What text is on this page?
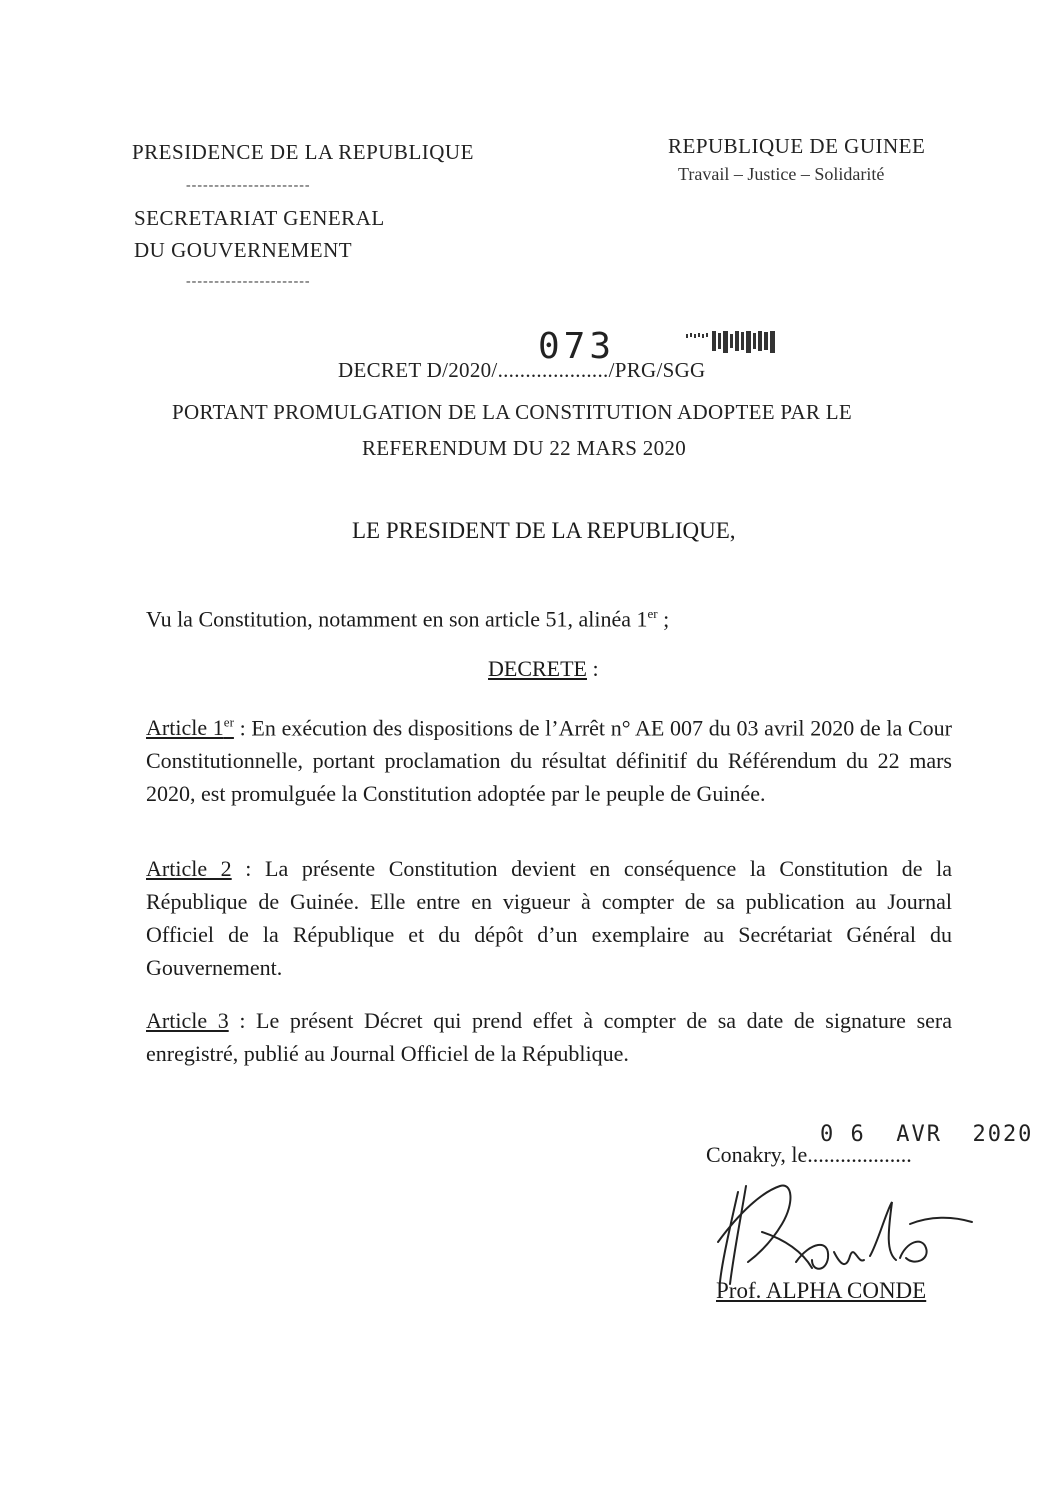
PRESIDENCE DE LA REPUBLIQUE
----------------------
SECRETARIAT GENERAL
DU GOUVERNEMENT
----------------------
REPUBLIQUE DE GUINEE
Travail – Justice – Solidarité
DECRET D/2020/..................../PRG/SGG
073
PORTANT PROMULGATION DE LA CONSTITUTION ADOPTEE PAR LE
REFERENDUM DU 22 MARS 2020
LE PRESIDENT DE LA REPUBLIQUE,
Vu la Constitution, notamment en son article 51, alinéa 1er ;
DECRETE :
Article 1er : En exécution des dispositions de l’Arrêt n° AE 007 du 03 avril 2020 de la Cour Constitutionnelle, portant proclamation du résultat définitif du Référendum du 22 mars 2020, est promulguée la Constitution adoptée par le peuple de Guinée.
Article 2 : La présente Constitution devient en conséquence la Constitution de la République de Guinée. Elle entre en vigueur à compter de sa publication au Journal Officiel de la République et du dépôt d’un exemplaire au Secrétariat Général du Gouvernement.
Article 3 : Le présent Décret qui prend effet à compter de sa date de signature sera enregistré, publié au Journal Officiel de la République.
Conakry, le...................
0 6  AVR  2020
Prof. ALPHA CONDE
